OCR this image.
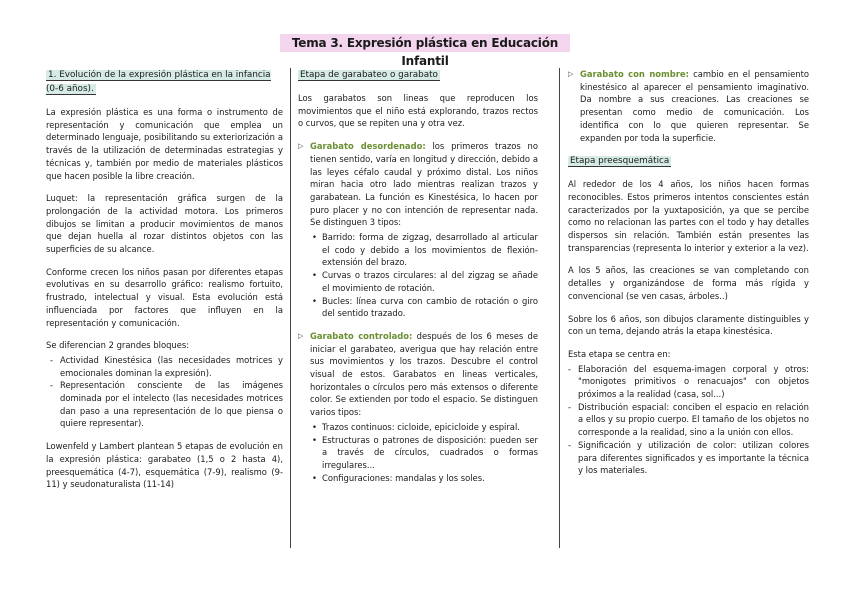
Tema 3. Expresión plástica en Educación Infantil
1. Evolución de la expresión plástica en la infancia (0-6 años).

La expresión plástica es una forma o instrumento de representación y comunicación que emplea un determinado lenguaje, posibilitando su exteriorización a través de la utilización de determinadas estrategias y técnicas y, también por medio de materiales plásticos que hacen posible la libre creación.

Luquet: la representación gráfica surgen de la prolongación de la actividad motora. Los primeros dibujos se limitan a producir movimientos de manos que dejan huella al rozar distintos objetos con las superficies de su alcance.

Conforme crecen los niños pasan por diferentes etapas evolutivas en su desarrollo gráfico: realismo fortuito, frustrado, intelectual y visual. Esta evolución está influenciada por factores que influyen en la representación y comunicación.

Se diferencian 2 grandes bloques:

- Actividad Kinestésica (las necesidades motrices y emocionales dominan la expresión).
- Representación consciente de las imágenes dominada por el intelecto (las necesidades motrices dan paso a una representación de lo que piensa o quiere representar).

Lowenfeld y Lambert plantean 5 etapas de evolución en la expresión plástica: garabateo (1,5 o 2 hasta 4), preesquemática (4-7), esquemática (7-9), realismo (9-11) y seudonaturalista (11-14)

Etapa de garabateo o garabato

Los garabatos son lineas que reproducen los movimientos que el niño está explorando, trazos rectos o curvos, que se repiten una y otra vez.

▷ Garabato desordenado: los primeros trazos no tienen sentido, varía en longitud y dirección, debido a las leyes céfalo caudal y próximo distal. Los niños miran hacia otro lado mientras realizan trazos y garabatean. La función es Kinestésica, lo hacen por puro placer y no con intención de representar nada. Se distinguen 3 tipos:
• Barrido: forma de zigzag, desarrollado al articular el codo y debido a los movimientos de flexión-extensión del brazo.
• Curvas o trazos circulares: al del zigzag se añade el movimiento de rotación.
• Bucles: línea curva con cambio de rotación o giro del sentido trazado.
▷ Garabato controlado: después de los 6 meses de iniciar el garabateo, averigua que hay relación entre sus movimientos y los trazos. Descubre el control visual de estos. Garabatos en lineas verticales, horizontales o círculos pero más extensos o diferente color. Se extienden por todo el espacio. Se distinguen varios tipos:
• Trazos continuos: cicloide, epicicloide y espiral.
• Estructuras o patrones de disposición: pueden ser a través de círculos, cuadrados o formas irregulares...
• Configuraciones: mandalas y los soles.
▷ Garabato con nombre: cambio en el pensamiento kinestésico al aparecer el pensamiento imaginativo. Da nombre a sus creaciones. Las creaciones se presentan como medio de comunicación. Los identifica con lo que quieren representar. Se expanden por toda la superficie.
Etapa preesquemática

Al rededor de los 4 años, los niños hacen formas reconocibles. Estos primeros intentos conscientes están caracterizados por la yuxtaposición, ya que se percibe como no relacionan las partes con el todo y hay detalles dispersos sin relación. También están presentes las transparencias (representa lo interior y exterior a la vez).

A los 5 años, las creaciones se van completando con detalles y organizándose de forma más rígida y convencional (se ven casas, árboles..)

Sobre los 6 años, son dibujos claramente distinguibles y con un tema, dejando atrás la etapa kinestésica.

Esta etapa se centra en:

- Elaboración del esquema-imagen corporal y otros: "monigotes primitivos o renacuajos" con objetos próximos a la realidad (casa, sol...)
- Distribución espacial: conciben el espacio en relación a ellos y su propio cuerpo. El tamaño de los objetos no corresponde a la realidad, sino a la unión con ellos.
- Significación y utilización de color: utilizan colores para diferentes significados y es importante la técnica y los materiales.
